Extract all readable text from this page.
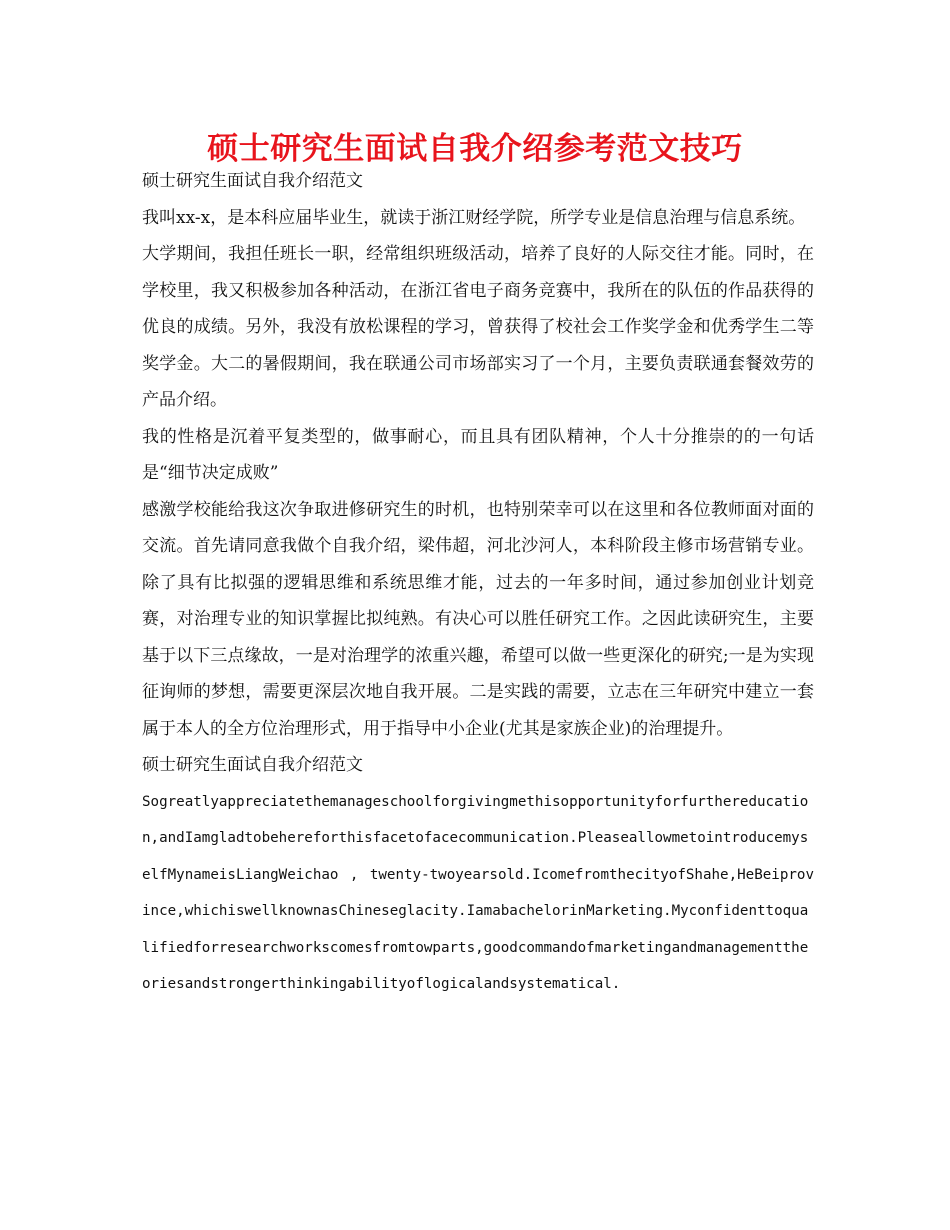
硕士研究生面试自我介绍参考范文技巧

硕士研究生面试自我介绍范文

我叫xx-x，是本科应届毕业生，就读于浙江财经学院，所学专业是信息治理与信息系统。

大学期间，我担任班长一职，经常组织班级活动，培养了良好的人际交往才能。同时，在学校里，我又积极参加各种活动，在浙江省电子商务竞赛中，我所在的队伍的作品获得的优良的成绩。另外，我没有放松课程的学习，曾获得了校社会工作奖学金和优秀学生二等奖学金。大二的暑假期间，我在联通公司市场部实习了一个月，主要负责联通套餐效劳的产品介绍。

我的性格是沉着平复类型的，做事耐心，而且具有团队精神，个人十分推崇的的一句话是“细节决定成败”

感激学校能给我这次争取进修研究生的时机，也特别荣幸可以在这里和各位教师面对面的交流。首先请同意我做个自我介绍，梁伟超，河北沙河人，本科阶段主修市场营销专业。除了具有比拟强的逻辑思维和系统思维才能，过去的一年多时间，通过参加创业计划竞赛，对治理专业的知识掌握比拟纯熟。有决心可以胜任研究工作。之因此读研究生，主要基于以下三点缘故，一是对治理学的浓重兴趣，希望可以做一些更深化的研究;一是为实现征询师的梦想，需要更深层次地自我开展。二是实践的需要，立志在三年研究中建立一套属于本人的全方位治理形式，用于指导中小企业(尤其是家族企业)的治理提升。

硕士研究生面试自我介绍范文

Sogreatlyappreciatethemanageschoolforgivingmethisopportunityforfurthereducation,andIamgladtobehereforthisfacetofacecommunication.PleaseallowmetointroducemyselfMynameisLiangWeichao , twenty-twoyearsold.IcomefromthecityofShahe,HeBeiprovince,whichiswellknownasChineseglacity.IamabachelorinMarketing.Myconfidenttoqualifiedforresearchworkscomesfromtowparts,goodcommandofmarketingandmanagementtheoriesandstrongerthinkingabilityoflogicalandsystematical.
